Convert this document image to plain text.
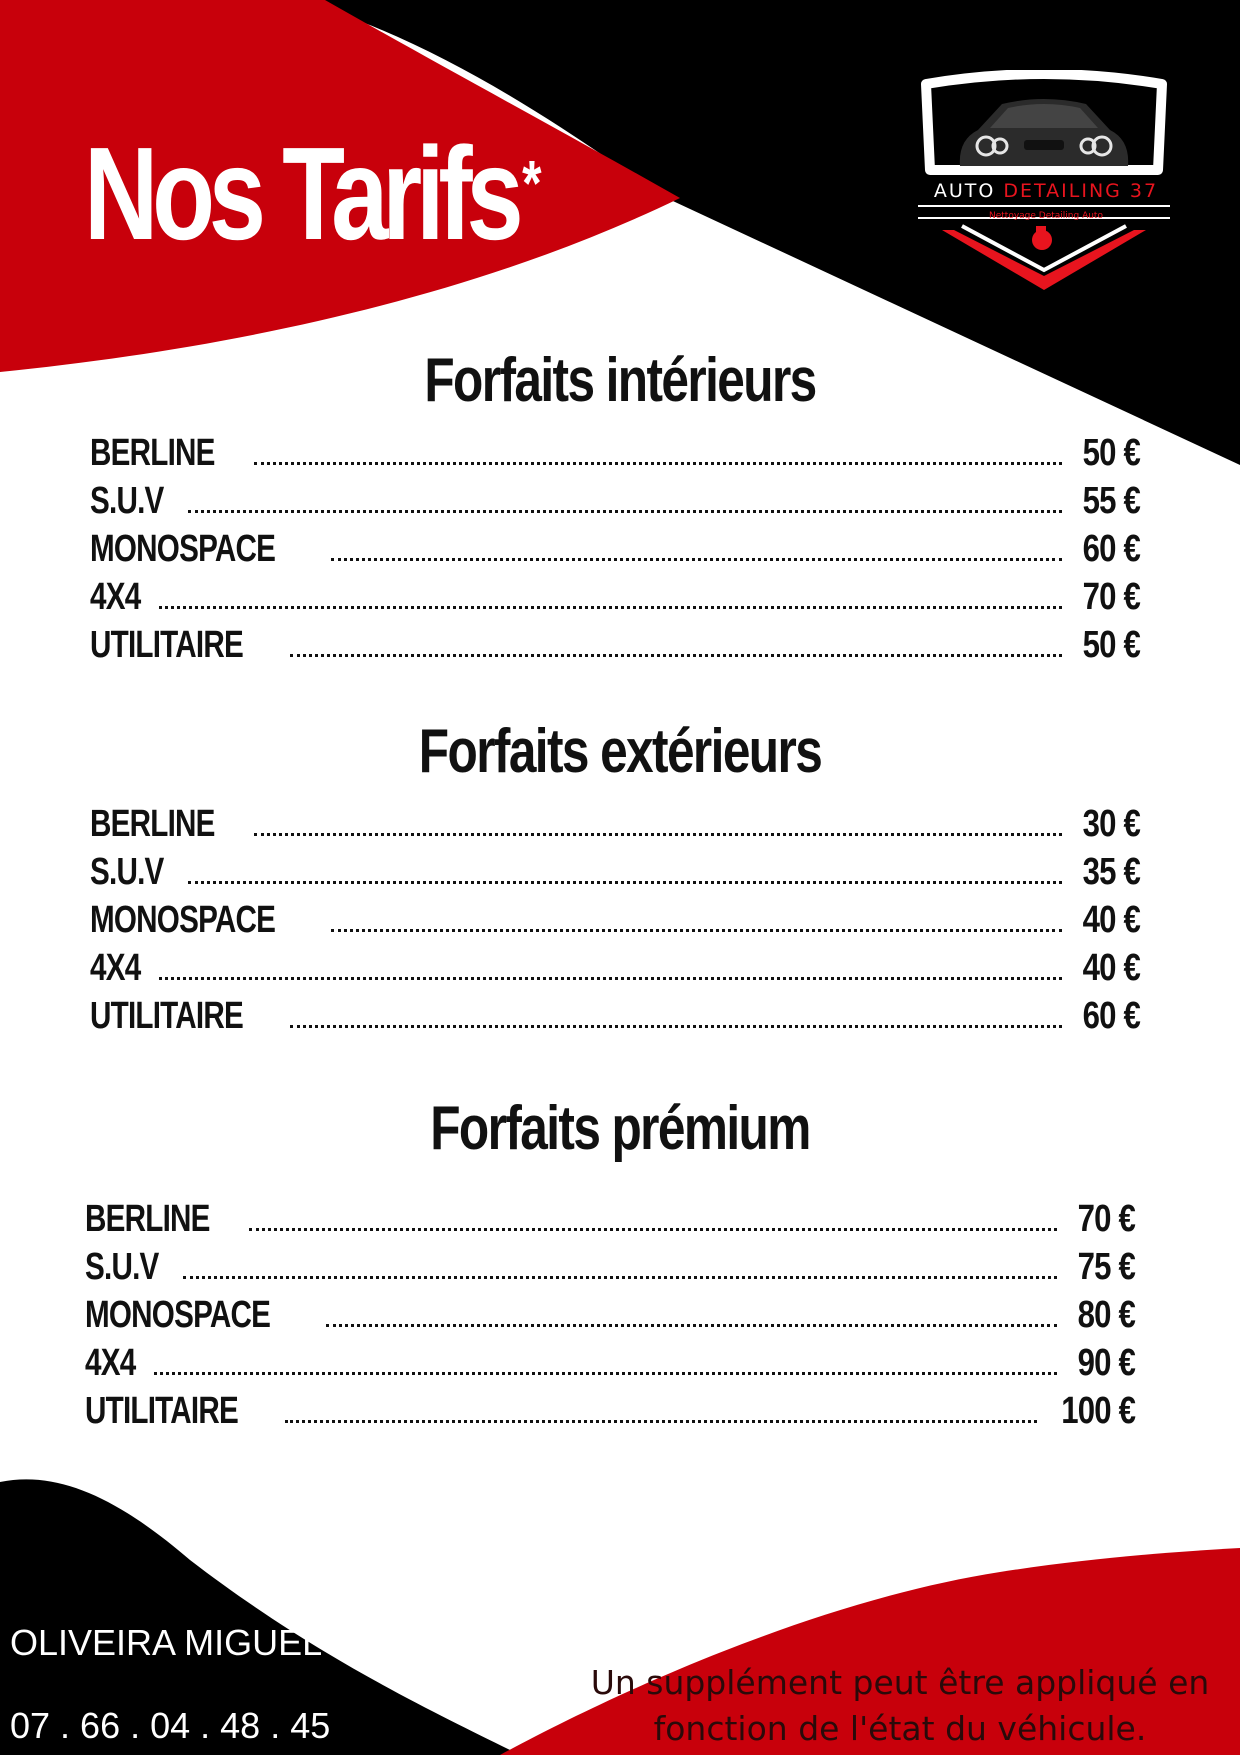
Nos Tarifs*	AUTO DETAILING 37
Nettoyage Detailing Auto
Forfaits intérieurs
BERLINE	50 €
S.U.V	55 €
MONOSPACE	60 €
4X4	70 €
UTILITAIRE	50 €
Forfaits extérieurs
BERLINE	30 €
S.U.V	35 €
MONOSPACE	40 €
4X4	40 €
UTILITAIRE	60 €
Forfaits prémium
BERLINE	70 €
S.U.V	75 €
MONOSPACE	80 €
4X4	90 €
UTILITAIRE	100 €
OLIVEIRA MIGUEL
07 . 66 . 04 . 48 . 45
Un supplément peut être appliqué en
fonction de l'état du véhicule.
